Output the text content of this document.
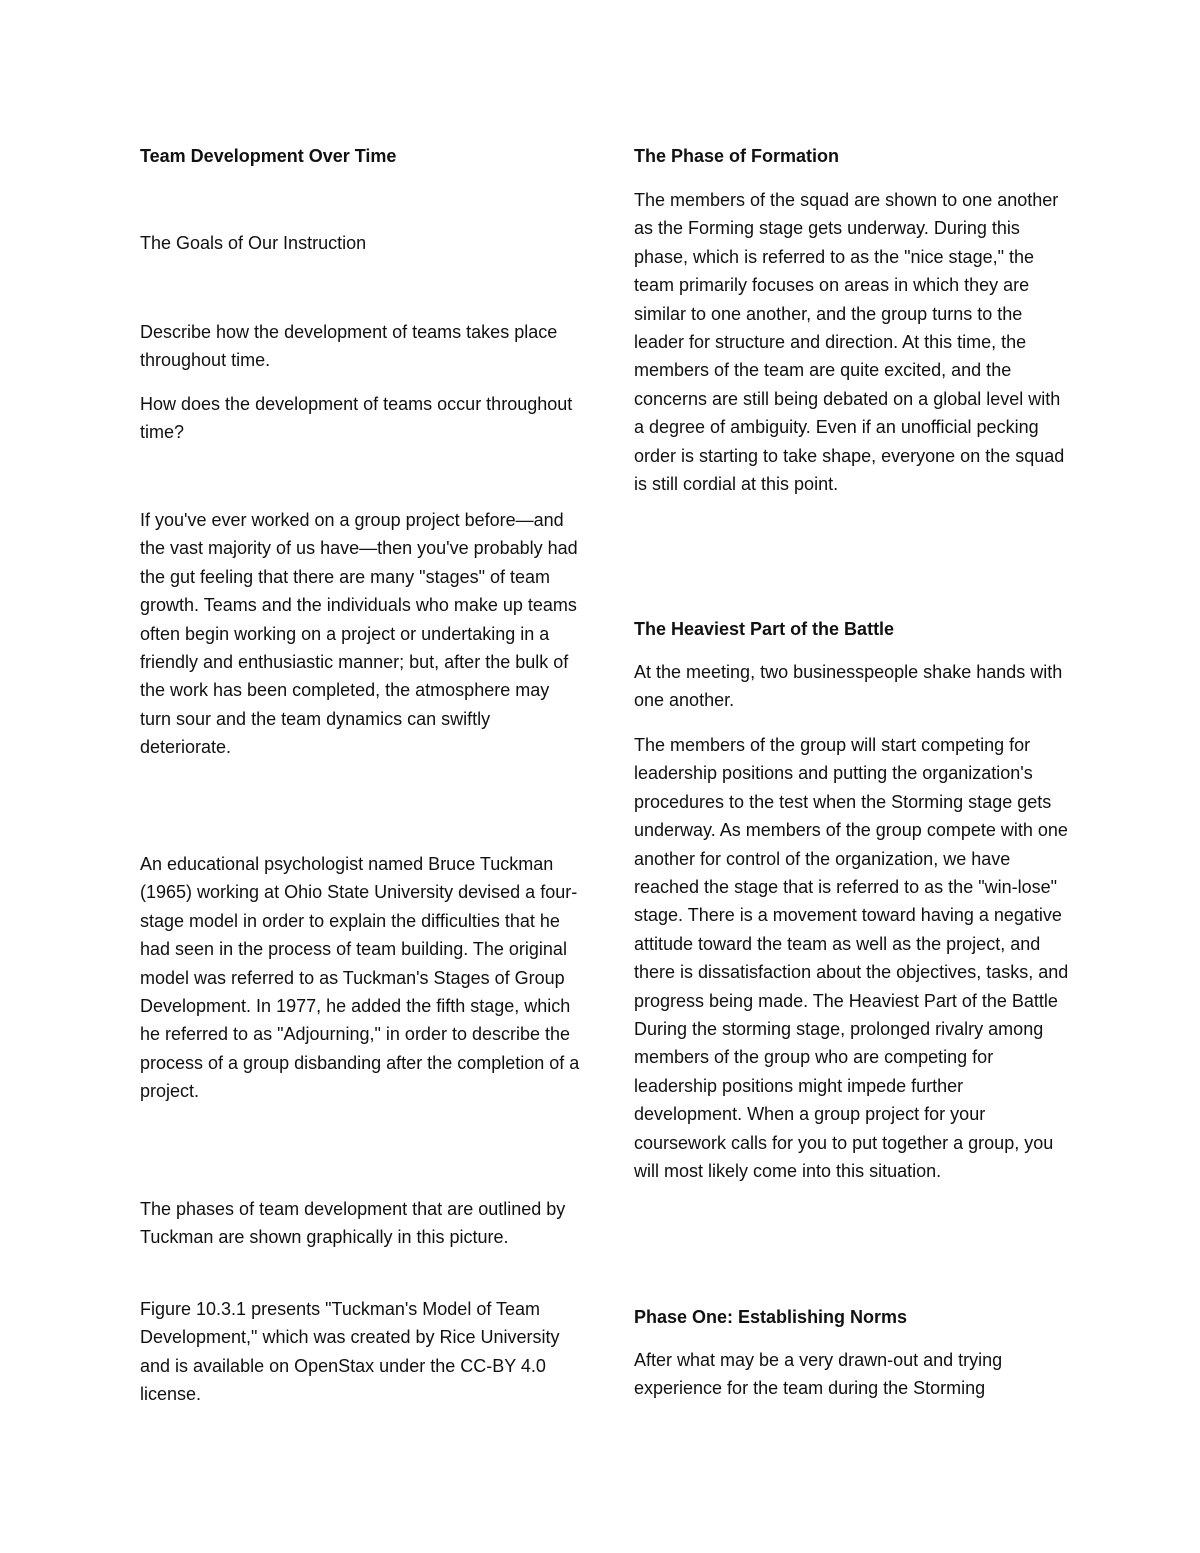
Team Development Over Time

The Goals of Our Instruction

Describe how the development of teams takes place throughout time.

How does the development of teams occur throughout time?

If you've ever worked on a group project before—and the vast majority of us have—then you've probably had the gut feeling that there are many "stages" of team growth. Teams and the individuals who make up teams often begin working on a project or undertaking in a friendly and enthusiastic manner; but, after the bulk of the work has been completed, the atmosphere may turn sour and the team dynamics can swiftly deteriorate.

An educational psychologist named Bruce Tuckman (1965) working at Ohio State University devised a four-stage model in order to explain the difficulties that he had seen in the process of team building. The original model was referred to as Tuckman's Stages of Group Development. In 1977, he added the fifth stage, which he referred to as "Adjourning," in order to describe the process of a group disbanding after the completion of a project.

The phases of team development that are outlined by Tuckman are shown graphically in this picture.

Figure 10.3.1 presents "Tuckman's Model of Team Development," which was created by Rice University and is available on OpenStax under the CC-BY 4.0 license.

The Phase of Formation

The members of the squad are shown to one another as the Forming stage gets underway. During this phase, which is referred to as the "nice stage," the team primarily focuses on areas in which they are similar to one another, and the group turns to the leader for structure and direction. At this time, the members of the team are quite excited, and the concerns are still being debated on a global level with a degree of ambiguity. Even if an unofficial pecking order is starting to take shape, everyone on the squad is still cordial at this point.

The Heaviest Part of the Battle

At the meeting, two businesspeople shake hands with one another.

The members of the group will start competing for leadership positions and putting the organization's procedures to the test when the Storming stage gets underway. As members of the group compete with one another for control of the organization, we have reached the stage that is referred to as the "win-lose" stage. There is a movement toward having a negative attitude toward the team as well as the project, and there is dissatisfaction about the objectives, tasks, and progress being made. The Heaviest Part of the Battle During the storming stage, prolonged rivalry among members of the group who are competing for leadership positions might impede further development. When a group project for your coursework calls for you to put together a group, you will most likely come into this situation.

Phase One: Establishing Norms

After what may be a very drawn-out and trying experience for the team during the Storming
